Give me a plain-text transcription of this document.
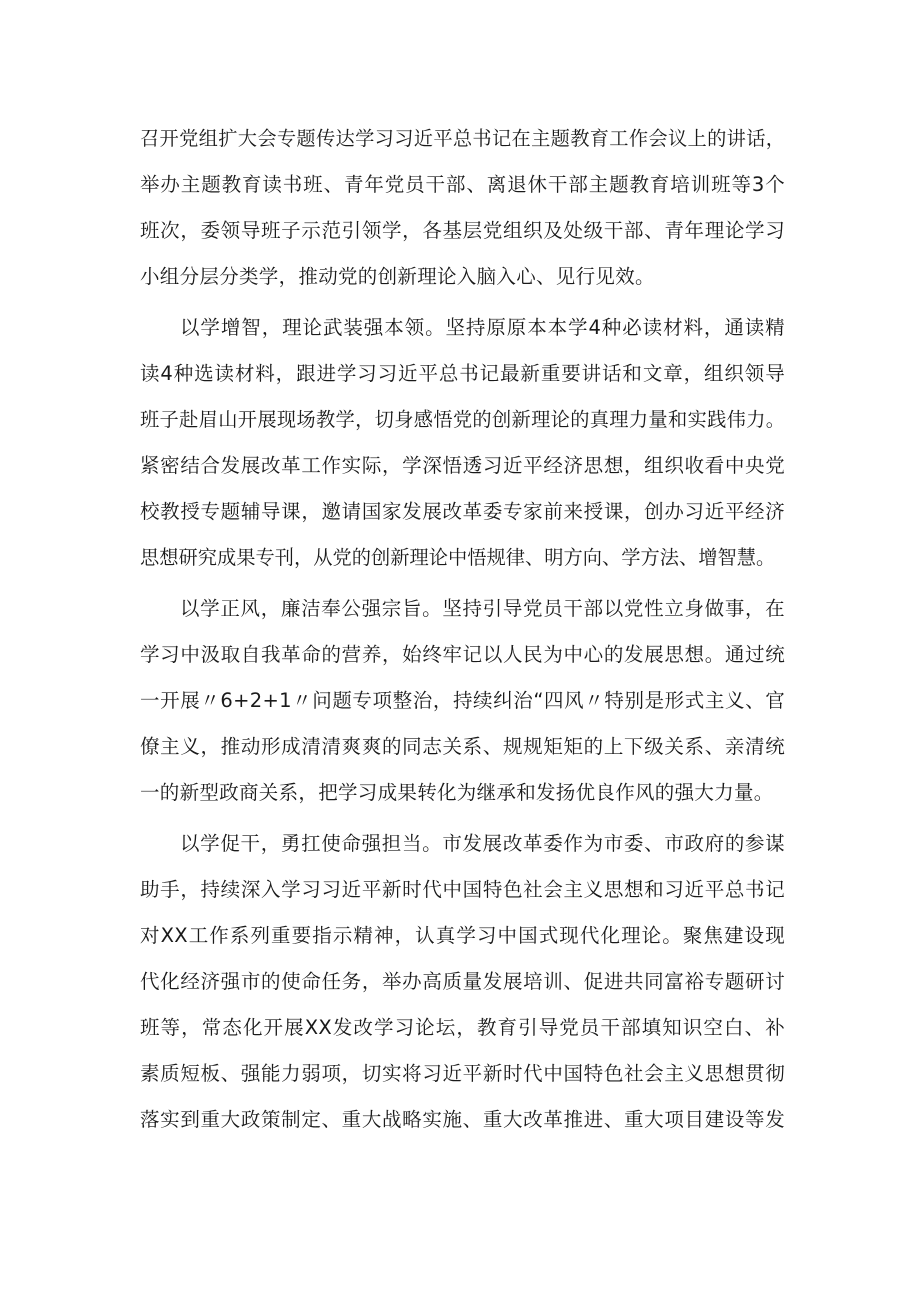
召开党组扩大会专题传达学习习近平总书记在主题教育工作会议上的讲话，
举办主题教育读书班、青年党员干部、离退休干部主题教育培训班等3个
班次，委领导班子示范引领学，各基层党组织及处级干部、青年理论学习
小组分层分类学，推动党的创新理论入脑入心、见行见效。
以学增智，理论武装强本领。坚持原原本本学4种必读材料，通读精
读4种选读材料，跟进学习习近平总书记最新重要讲话和文章，组织领导
班子赴眉山开展现场教学，切身感悟党的创新理论的真理力量和实践伟力。
紧密结合发展改革工作实际，学深悟透习近平经济思想，组织收看中央党
校教授专题辅导课，邀请国家发展改革委专家前来授课，创办习近平经济
思想研究成果专刊，从党的创新理论中悟规律、明方向、学方法、增智慧。
以学正风，廉洁奉公强宗旨。坚持引导党员干部以党性立身做事，在
学习中汲取自我革命的营养，始终牢记以人民为中心的发展思想。通过统
一开展〃6+2+1〃问题专项整治，持续纠治“四风〃特别是形式主义、官
僚主义，推动形成清清爽爽的同志关系、规规矩矩的上下级关系、亲清统
一的新型政商关系，把学习成果转化为继承和发扬优良作风的强大力量。
以学促干，勇扛使命强担当。市发展改革委作为市委、市政府的参谋
助手，持续深入学习习近平新时代中国特色社会主义思想和习近平总书记
对XX工作系列重要指示精神，认真学习中国式现代化理论。聚焦建设现
代化经济强市的使命任务，举办高质量发展培训、促进共同富裕专题研讨
班等，常态化开展XX发改学习论坛，教育引导党员干部填知识空白、补
素质短板、强能力弱项，切实将习近平新时代中国特色社会主义思想贯彻
落实到重大政策制定、重大战略实施、重大改革推进、重大项目建设等发
